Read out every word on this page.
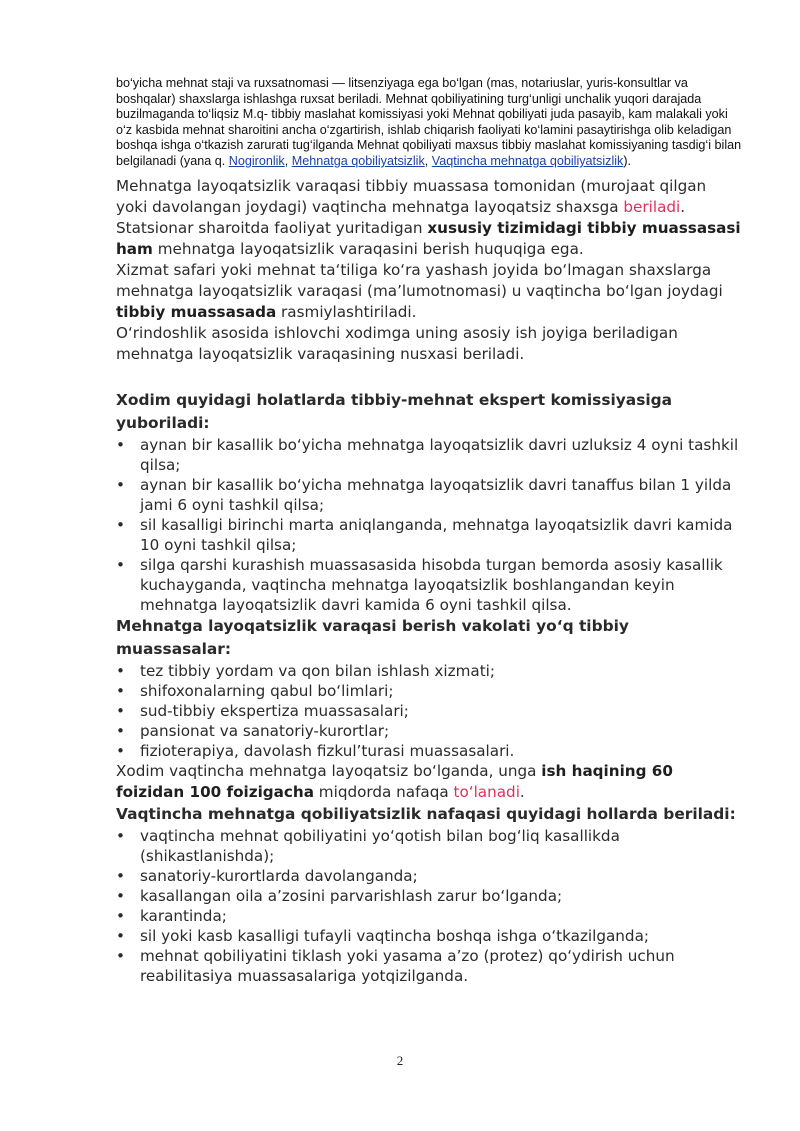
bo‘yicha mehnat staji va ruxsatnomasi — litsenziyaga ega bo‘lgan (mas, notariuslar, yuris-konsultlar va boshqalar) shaxslarga ishlashga ruxsat beriladi. Mehnat qobiliyatining turg‘unligi unchalik yuqori darajada buzilmaganda to‘liqsiz M.q- tibbiy maslahat komissiyasi yoki Mehnat qobiliyati juda pasayib, kam malakali yoki o‘z kasbida mehnat sharoitini ancha o‘zgartirish, ishlab chiqarish faoliyati ko‘lamini pasaytirishga olib keladigan boshqa ishga o‘tkazish zarurati tug‘ilganda Mehnat qobiliyati maxsus tibbiy maslahat komissiyaning tasdig‘i bilan belgilanadi (yana q. Nogironlik, Mehnatga qobiliyatsizlik, Vaqtincha mehnatga qobiliyatsizlik).

Mehnatga layoqatsizlik varaqasi tibbiy muassasa tomonidan (murojaat qilgan yoki davolangan joydagi) vaqtincha mehnatga layoqatsiz shaxsga beriladi.
Statsionar sharoitda faoliyat yuritadigan xususiy tizimidagi tibbiy muassasasi ham mehnatga layoqatsizlik varaqasini berish huquqiga ega.

Xizmat safari yoki mehnat ta‘tiliga ko‘ra yashash joyida bo‘lmagan shaxslarga mehnatga layoqatsizlik varaqasi (ma’lumotnomasi) u vaqtincha bo‘lgan joydagi tibbiy muassasada rasmiylashtiriladi.

O‘rindoshlik asosida ishlovchi xodimga uning asosiy ish joyiga beriladigan mehnatga layoqatsizlik varaqasining nusxasi beriladi.

Xodim quyidagi holatlarda tibbiy-mehnat ekspert komissiyasiga yuboriladi:
• aynan bir kasallik bo‘yicha mehnatga layoqatsizlik davri uzluksiz 4 oyni tashkil qilsa;
• aynan bir kasallik bo‘yicha mehnatga layoqatsizlik davri tanaffus bilan 1 yilda jami 6 oyni tashkil qilsa;
• sil kasalligi birinchi marta aniqlanganda, mehnatga layoqatsizlik davri kamida 10 oyni tashkil qilsa;
• silga qarshi kurashish muassasasida hisobda turgan bemorda asosiy kasallik kuchayganda, vaqtincha mehnatga layoqatsizlik boshlangandan keyin mehnatga layoqatsizlik davri kamida 6 oyni tashkil qilsa.
Mehnatga layoqatsizlik varaqasi berish vakolati yo‘q tibbiy muassasalar:
• tez tibbiy yordam va qon bilan ishlash xizmati;
• shifoxonalarning qabul bo‘limlari;
• sud-tibbiy ekspertiza muassasalari;
• pansionat va sanatoriy-kurortlar;
• fizioterapiya, davolash fizkul’turasi muassasalari.

Xodim vaqtincha mehnatga layoqatsiz bo‘lganda, unga ish haqining 60 foizidan 100 foizigacha miqdorda nafaqa to‘lanadi.

Vaqtincha mehnatga qobiliyatsizlik nafaqasi quyidagi hollarda beriladi:
• vaqtincha mehnat qobiliyatini yo‘qotish bilan bog‘liq kasallikda (shikastlanishda);
• sanatoriy-kurortlarda davolanganda;
• kasallangan oila a’zosini parvarishlash zarur bo‘lganda;
• karantinda;
• sil yoki kasb kasalligi tufayli vaqtincha boshqa ishga o‘tkazilganda;
• mehnat qobiliyatini tiklash yoki yasama a’zo (protez) qo‘ydirish uchun reabilitasiya muassasalariga yotqizilganda.
2
